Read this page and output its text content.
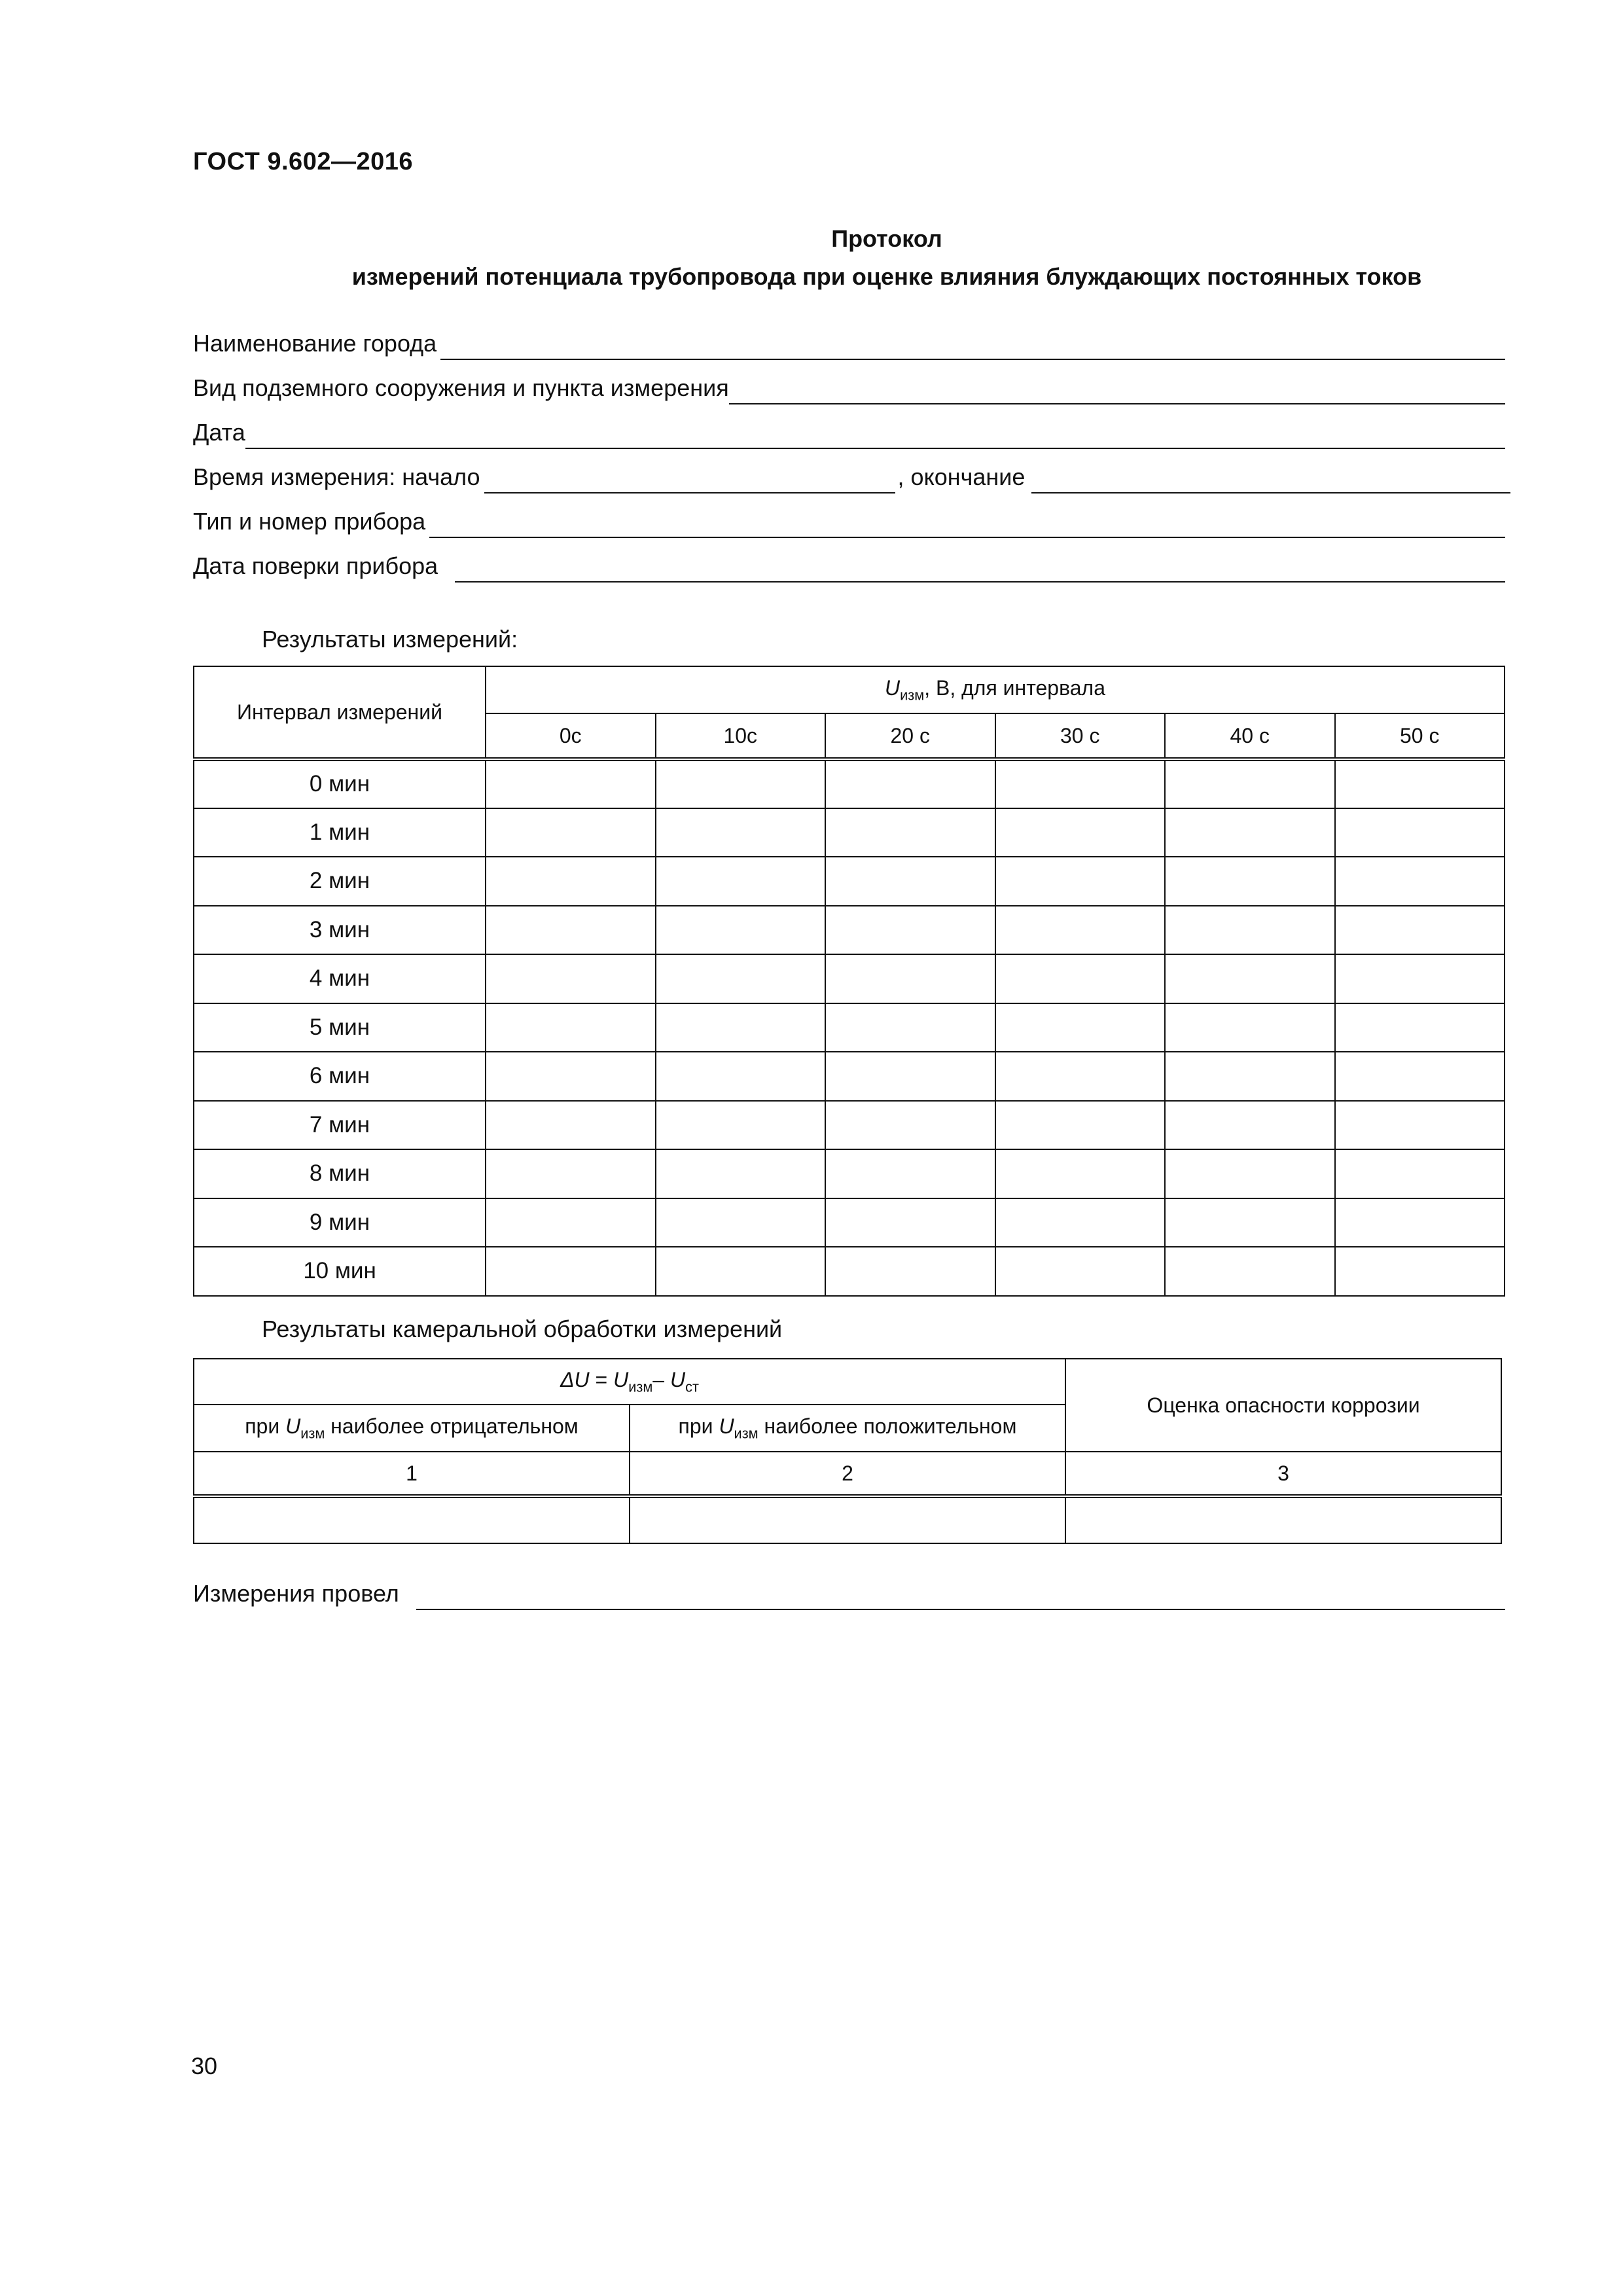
ГОСТ 9.602—2016
Протокол
измерений потенциала трубопровода при оценке влияния блуждающих постоянных токов
Наименование города
Вид подземного сооружения и пункта измерения
Дата
Время измерения: начало	, окончание
Тип и номер прибора
Дата поверки прибора
Результаты измерений:
Интервал измерений	$U_{изм}$, В, для интервала					
	0с	10с	20 с	30 с	40 с	50 с
0 мин						
1 мин						
2 мин						
3 мин						
4 мин						
5 мин						
6 мин						
7 мин						
8 мин						
9 мин						
10 мин						
Результаты камеральной обработки измерений
$\Delta U = U_{изм}-$ $U_{ст}$		Оценка опасности коррозии
при $U_{изм}$ наиболее отрицательном	при $U_{изм}$ наиболее положительном	
1	2	3

Измерения провел
30
